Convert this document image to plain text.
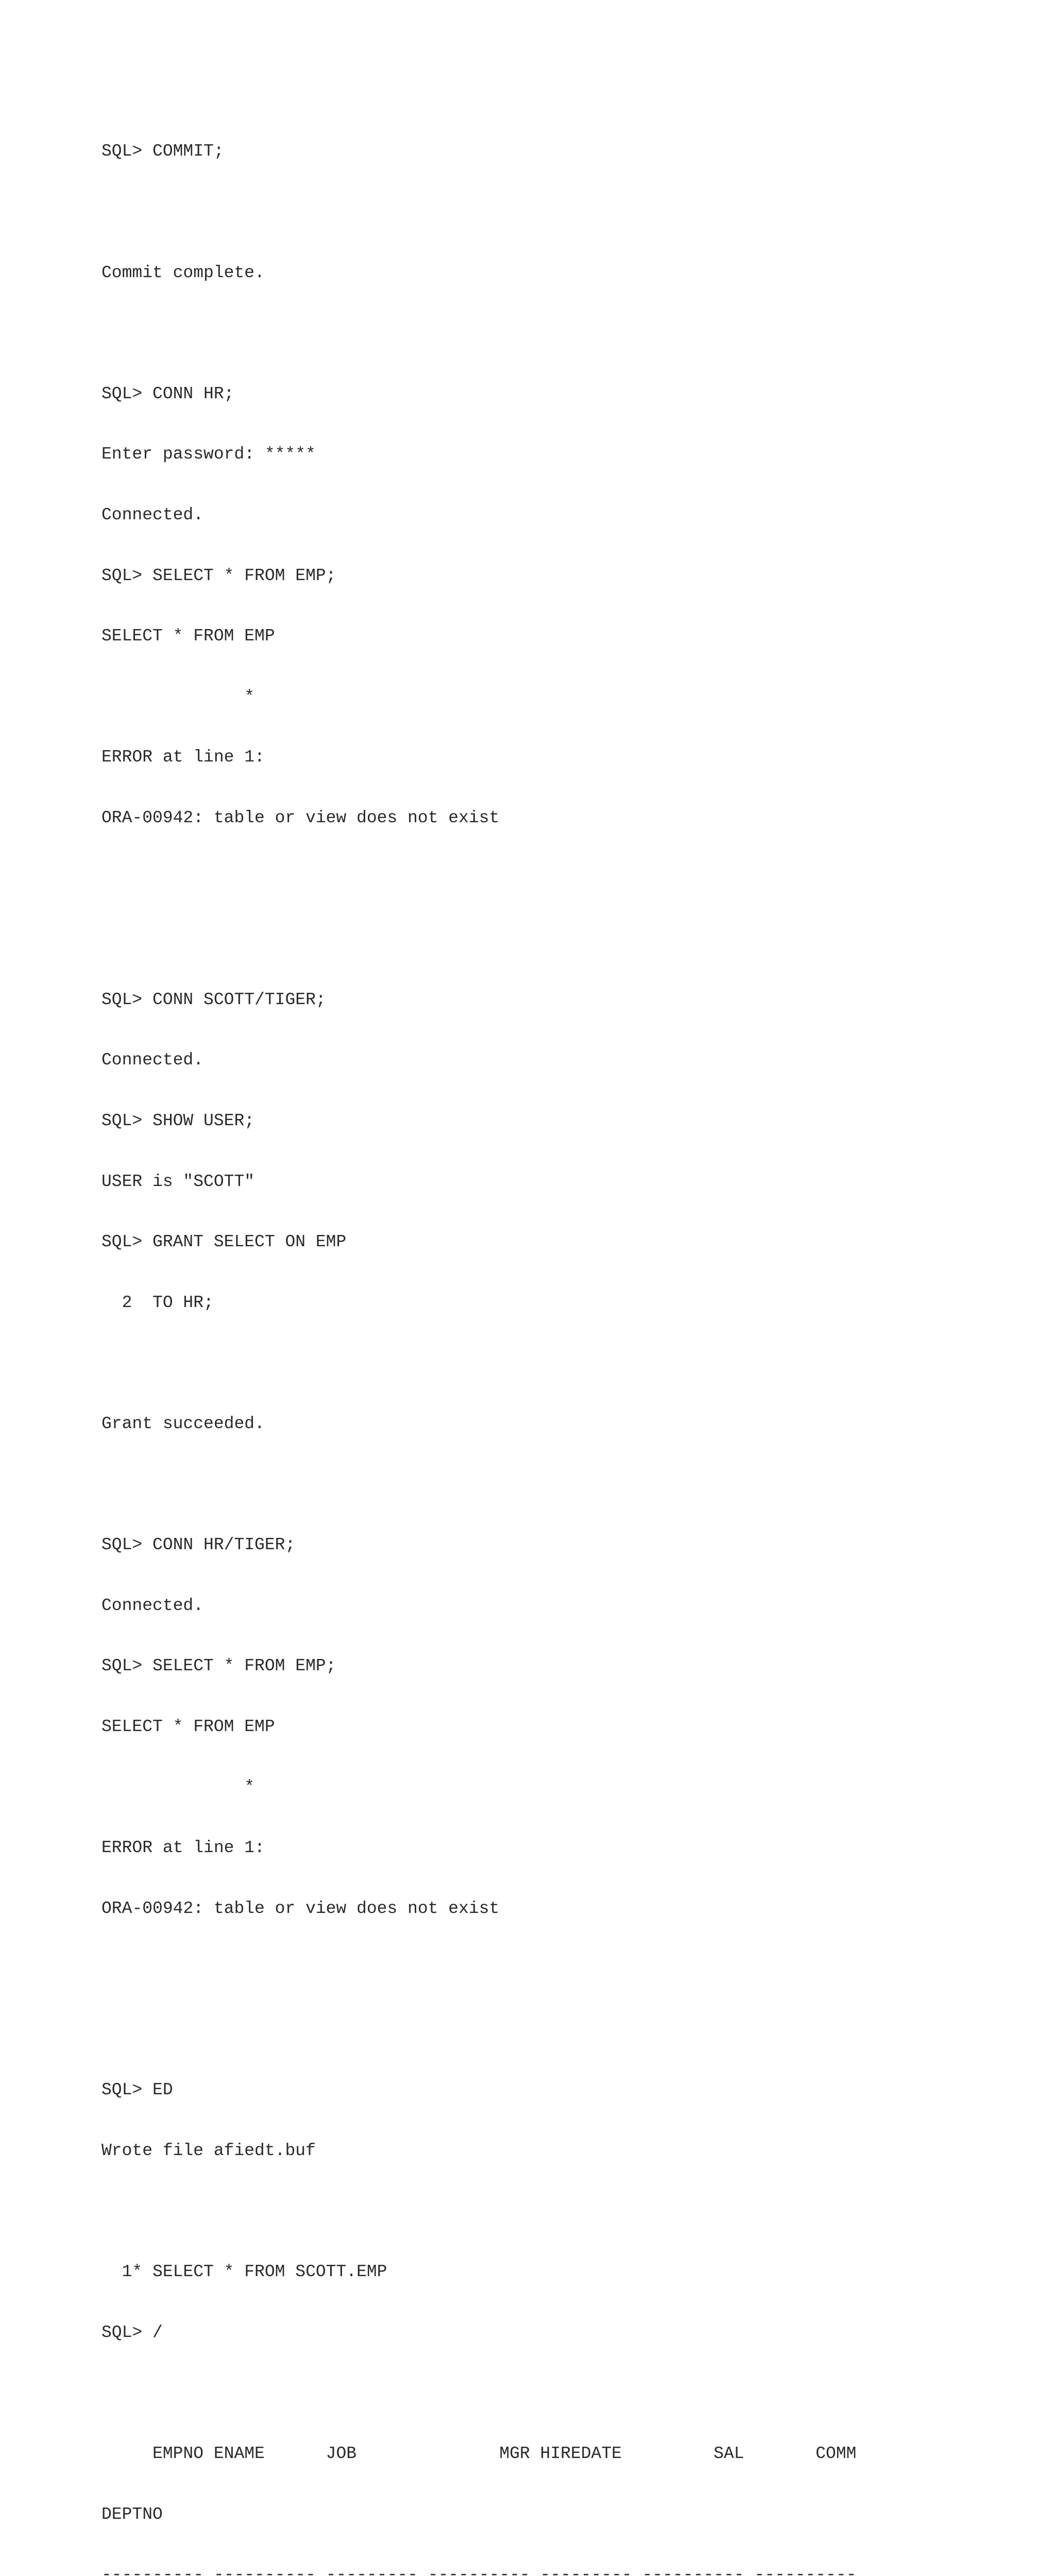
SQL> COMMIT;

Commit complete.

SQL> CONN HR;

Enter password: *****

Connected.

SQL> SELECT * FROM EMP;

SELECT * FROM EMP

*

ERROR at line 1:

ORA-00942: table or view does not exist

SQL> CONN SCOTT/TIGER;

Connected.

SQL> SHOW USER;

USER is "SCOTT"

SQL> GRANT SELECT ON EMP

2  TO HR;

Grant succeeded.

SQL> CONN HR/TIGER;

Connected.

SQL> SELECT * FROM EMP;

SELECT * FROM EMP

*

ERROR at line 1:

ORA-00942: table or view does not exist

SQL> ED

Wrote file afiedt.buf

1* SELECT * FROM SCOTT.EMP

SQL> /

EMPNO ENAME      JOB              MGR HIREDATE         SAL       COMM

DEPTNO

---------- ---------- --------- ---------- --------- ---------- ----------
